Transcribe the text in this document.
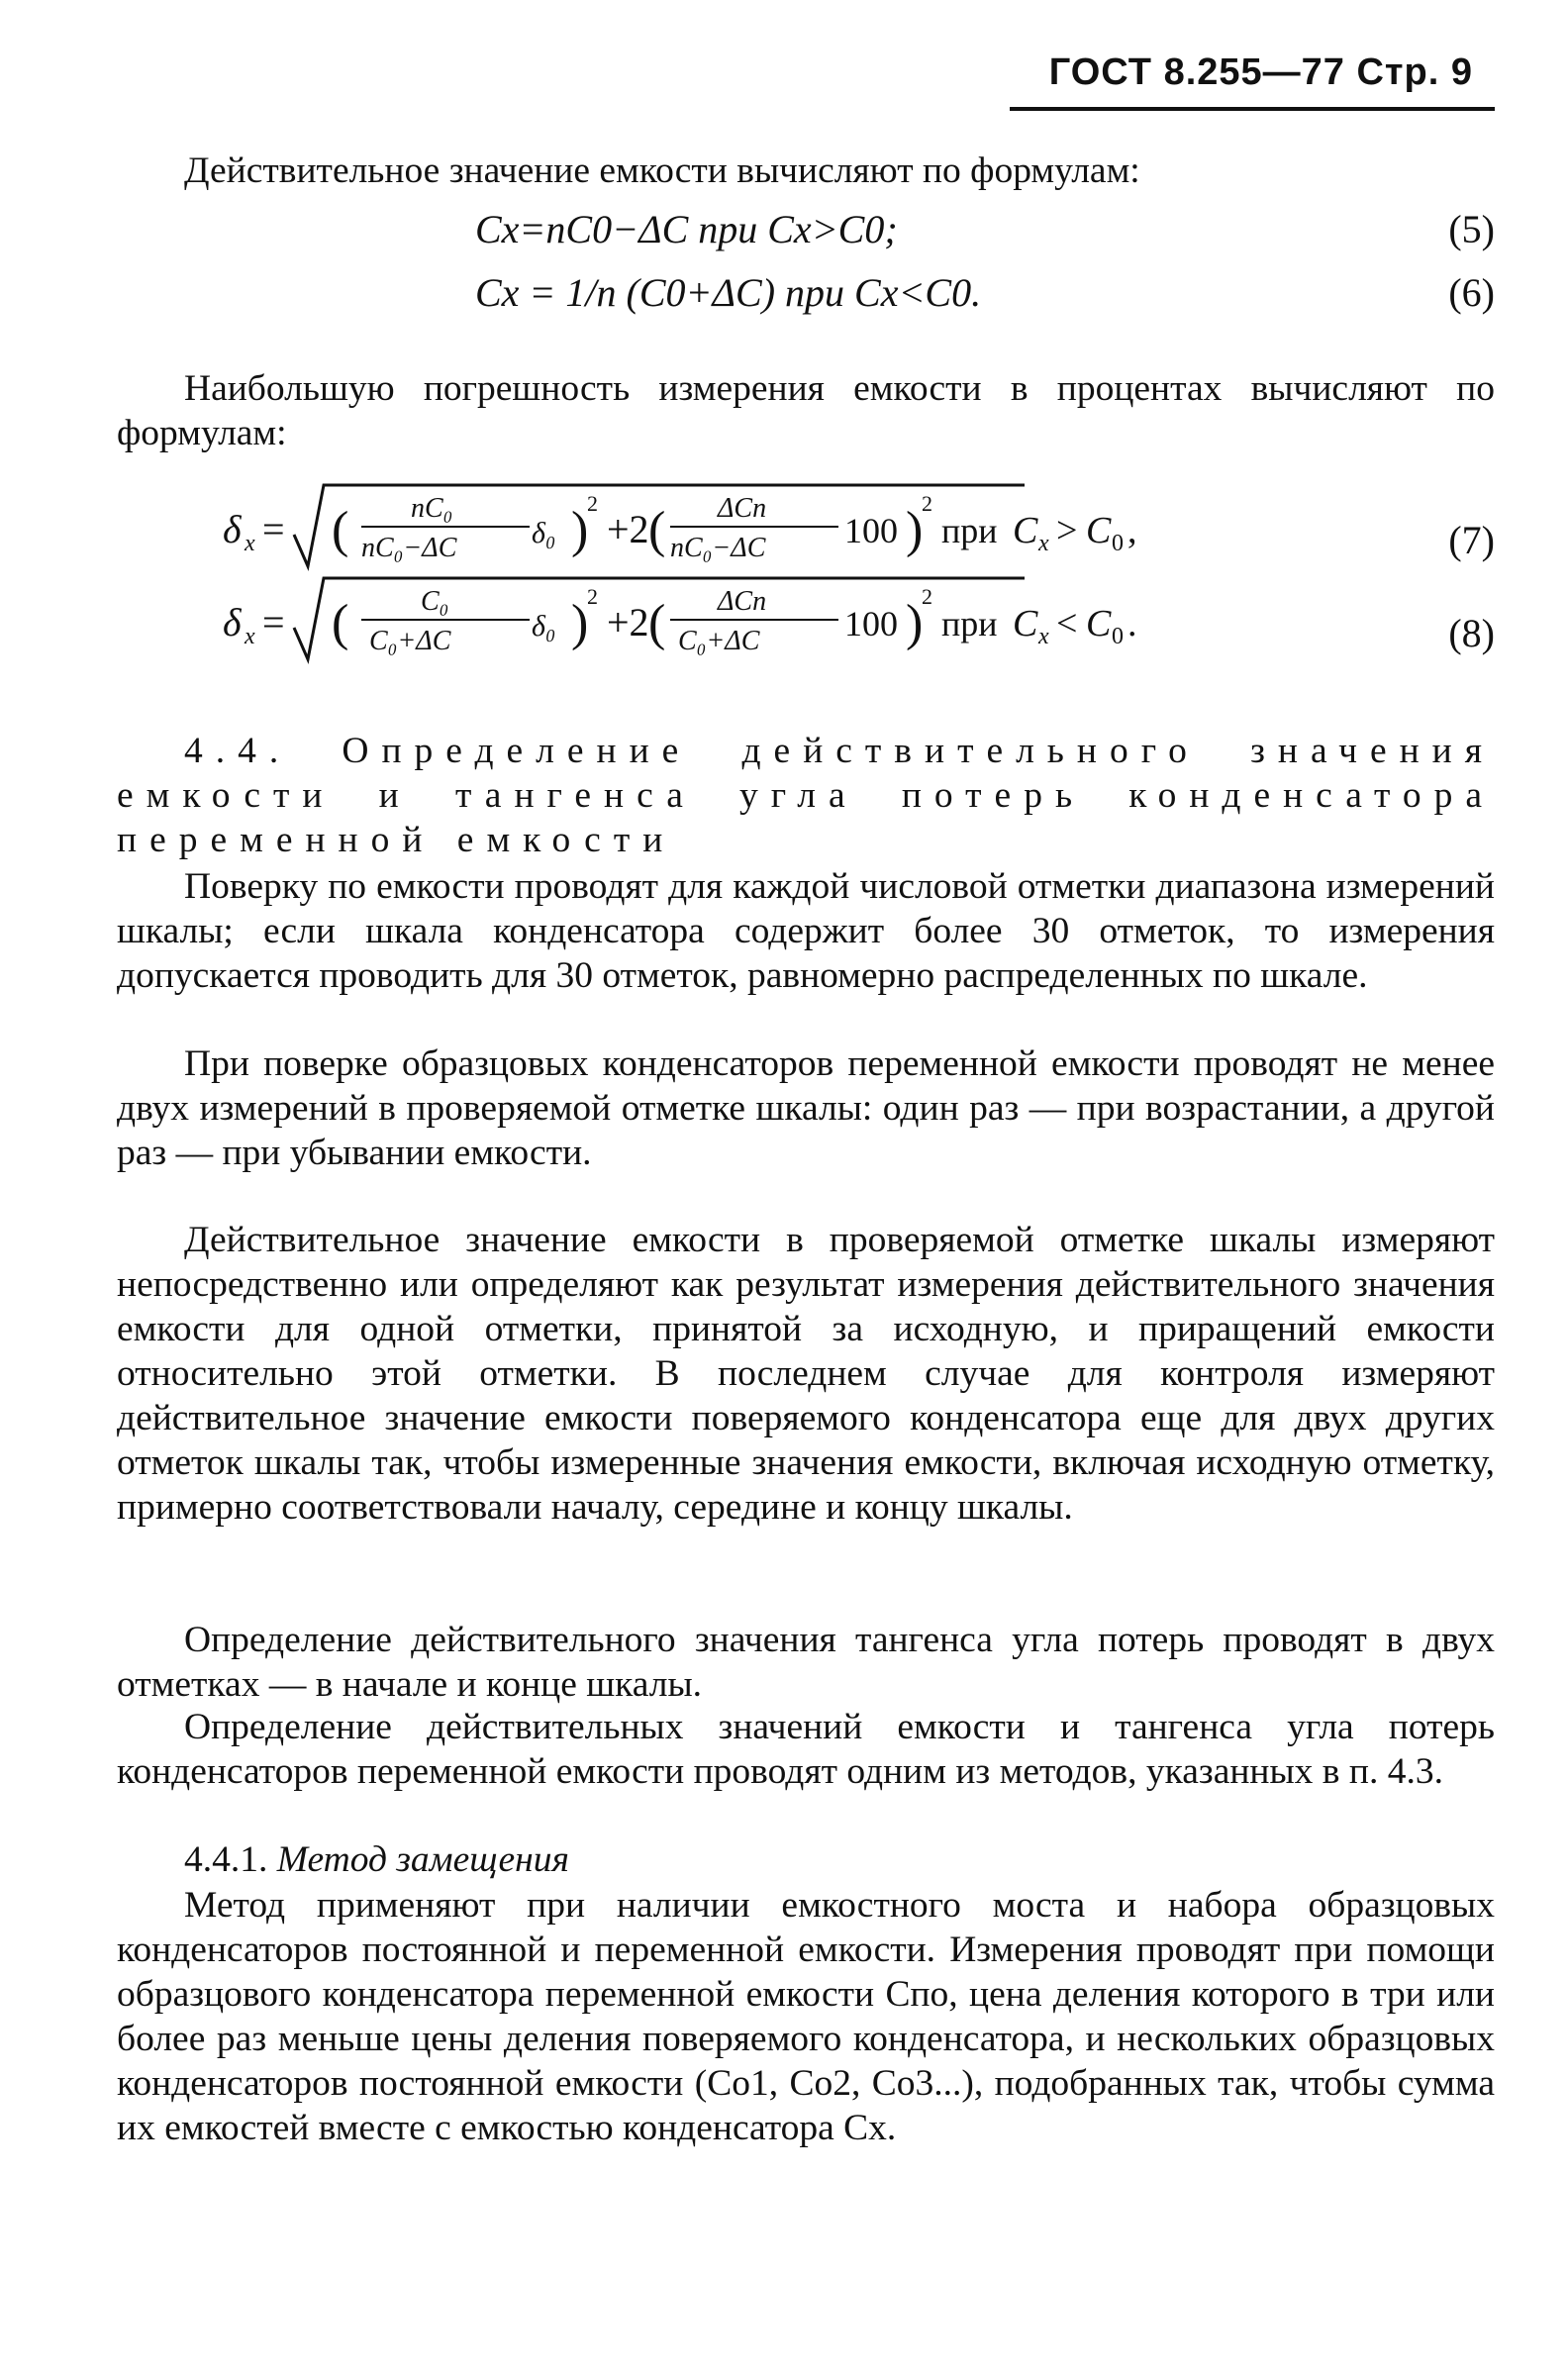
ГОСТ 8.255—77 Стр. 9
Действительное значение емкости вычисляют по формулам:
Cx=nC0−ΔC при Cx>C0;	(5)
Cx = 1/n (C0+ΔC) при Cx<C0.	(6)
Наибольшую погрешность измерения емкости в процентах вычисляют по формулам:
δ x = ( nC₀
nC₀−ΔC	δ₀ )
2
+2 ( ΔCп
nC₀−ΔC 100 )
2
при C x > C 0 ,
δ x = (	C₀
C₀+ΔC	δ₀ )
2
+2 ( ΔCп
C₀+ΔC 100 )
2
при C x < C 0 .
(7)
(8)
4.4. Определение действительного значения емкости и тангенса угла потерь конденсатора переменной емкости
Поверку по емкости проводят для каждой числовой отметки диапазона измерений шкалы; если шкала конденсатора содержит более 30 отметок, то измерения допускается проводить для 30 отметок, равномерно распределенных по шкале.
При поверке образцовых конденсаторов переменной емкости проводят не менее двух измерений в проверяемой отметке шкалы: один раз — при возрастании, а другой раз — при убывании емкости.
Действительное значение емкости в проверяемой отметке шкалы измеряют непосредственно или определяют как результат измерения действительного значения емкости для одной отметки, принятой за исходную, и приращений емкости относительно этой отметки. В последнем случае для контроля измеряют действительное значение емкости поверяемого конденсатора еще для двух других отметок шкалы так, чтобы измеренные значения емкости, включая исходную отметку, примерно соответствовали началу, середине и концу шкалы.
Определение действительного значения тангенса угла потерь проводят в двух отметках — в начале и конце шкалы.
Определение действительных значений емкости и тангенса угла потерь конденсаторов переменной емкости проводят одним из методов, указанных в п. 4.3.
4.4.1. Метод замещения
Метод применяют при наличии емкостного моста и набора образцовых конденсаторов постоянной и переменной емкости. Измерения проводят при помощи образцового конденсатора переменной емкости Cпо, цена деления которого в три или более раз меньше цены деления поверяемого конденсатора, и нескольких образцовых конденсаторов постоянной емкости (Co1, Co2, Co3...), подобранных так, чтобы сумма их емкостей вместе с емкостью конденсатора Cx.
